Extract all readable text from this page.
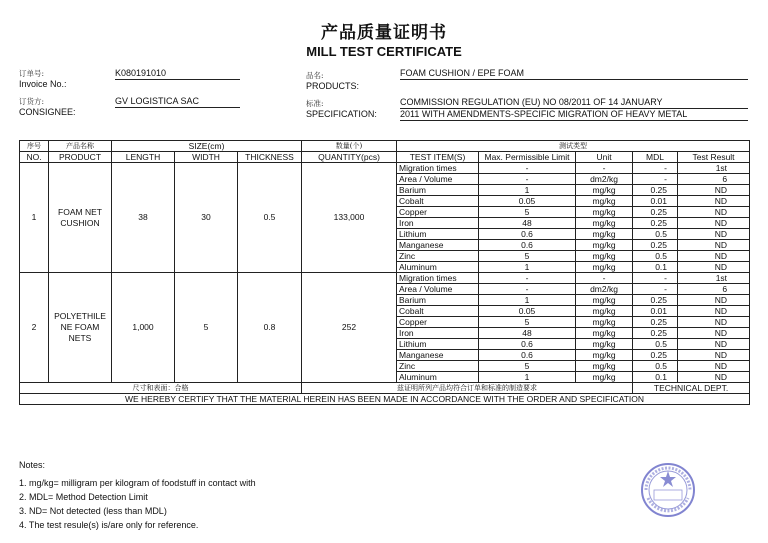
产品质量证明书
MILL TEST CERTIFICATE
订单号:
Invoice No.:
K080191010
订货方:
CONSIGNEE:
GV LOGISTICA SAC
品名:
PRODUCTS:
FOAM CUSHION / EPE FOAM
标准:
SPECIFICATION:
COMMISSION REGULATION (EU) NO 08/2011 OF 14 JANUARY
2011 WITH AMENDMENTS-SPECIFIC MIGRATION OF HEAVY METAL
序号	产品名称	SIZE(cm)			数量(个)	测试类型				
NO.	PRODUCT	LENGTH	WIDTH	THICKNESS	QUANTITY(pcs)	TEST ITEM(S)	Max. Permissible Limit	Unit	MDL	Test Result
1	FOAM NET CUSHION	38	30	0.5	133,000	Migration times	-	-	-	1st
						Area / Volume	-	dm2/kg	-	6
						Barium	1	mg/kg	0.25	ND
						Cobalt	0.05	mg/kg	0.01	ND
						Copper	5	mg/kg	0.25	ND
						Iron	48	mg/kg	0.25	ND
						Lithium	0.6	mg/kg	0.5	ND
						Manganese	0.6	mg/kg	0.25	ND
						Zinc	5	mg/kg	0.5	ND
						Aluminum	1	mg/kg	0.1	ND
2	POLYETHILE NE FOAM NETS	1,000	5	0.8	252	Migration times	-	-	-	1st
						Area / Volume	-	dm2/kg	-	6
						Barium	1	mg/kg	0.25	ND
						Cobalt	0.05	mg/kg	0.01	ND
						Copper	5	mg/kg	0.25	ND
						Iron	48	mg/kg	0.25	ND
						Lithium	0.6	mg/kg	0.5	ND
						Manganese	0.6	mg/kg	0.25	ND
						Zinc	5	mg/kg	0.5	ND
						Aluminum	1	mg/kg	0.1	ND
尺寸和表面：合格					兹证明所列产品均符合订单和标准的制造要求				TECHNICAL DEPT.	
WE HEREBY CERTIFY THAT THE MATERIAL HEREIN HAS BEEN MADE IN ACCORDANCE WITH THE ORDER AND SPECIFICATION										
Notes:
1. mg/kg= milligram per kilogram of foodstuff in contact with
2. MDL= Method Detection Limit
3. ND= Not detected (less than MDL)
4. The test resule(s) is/are only for reference.
